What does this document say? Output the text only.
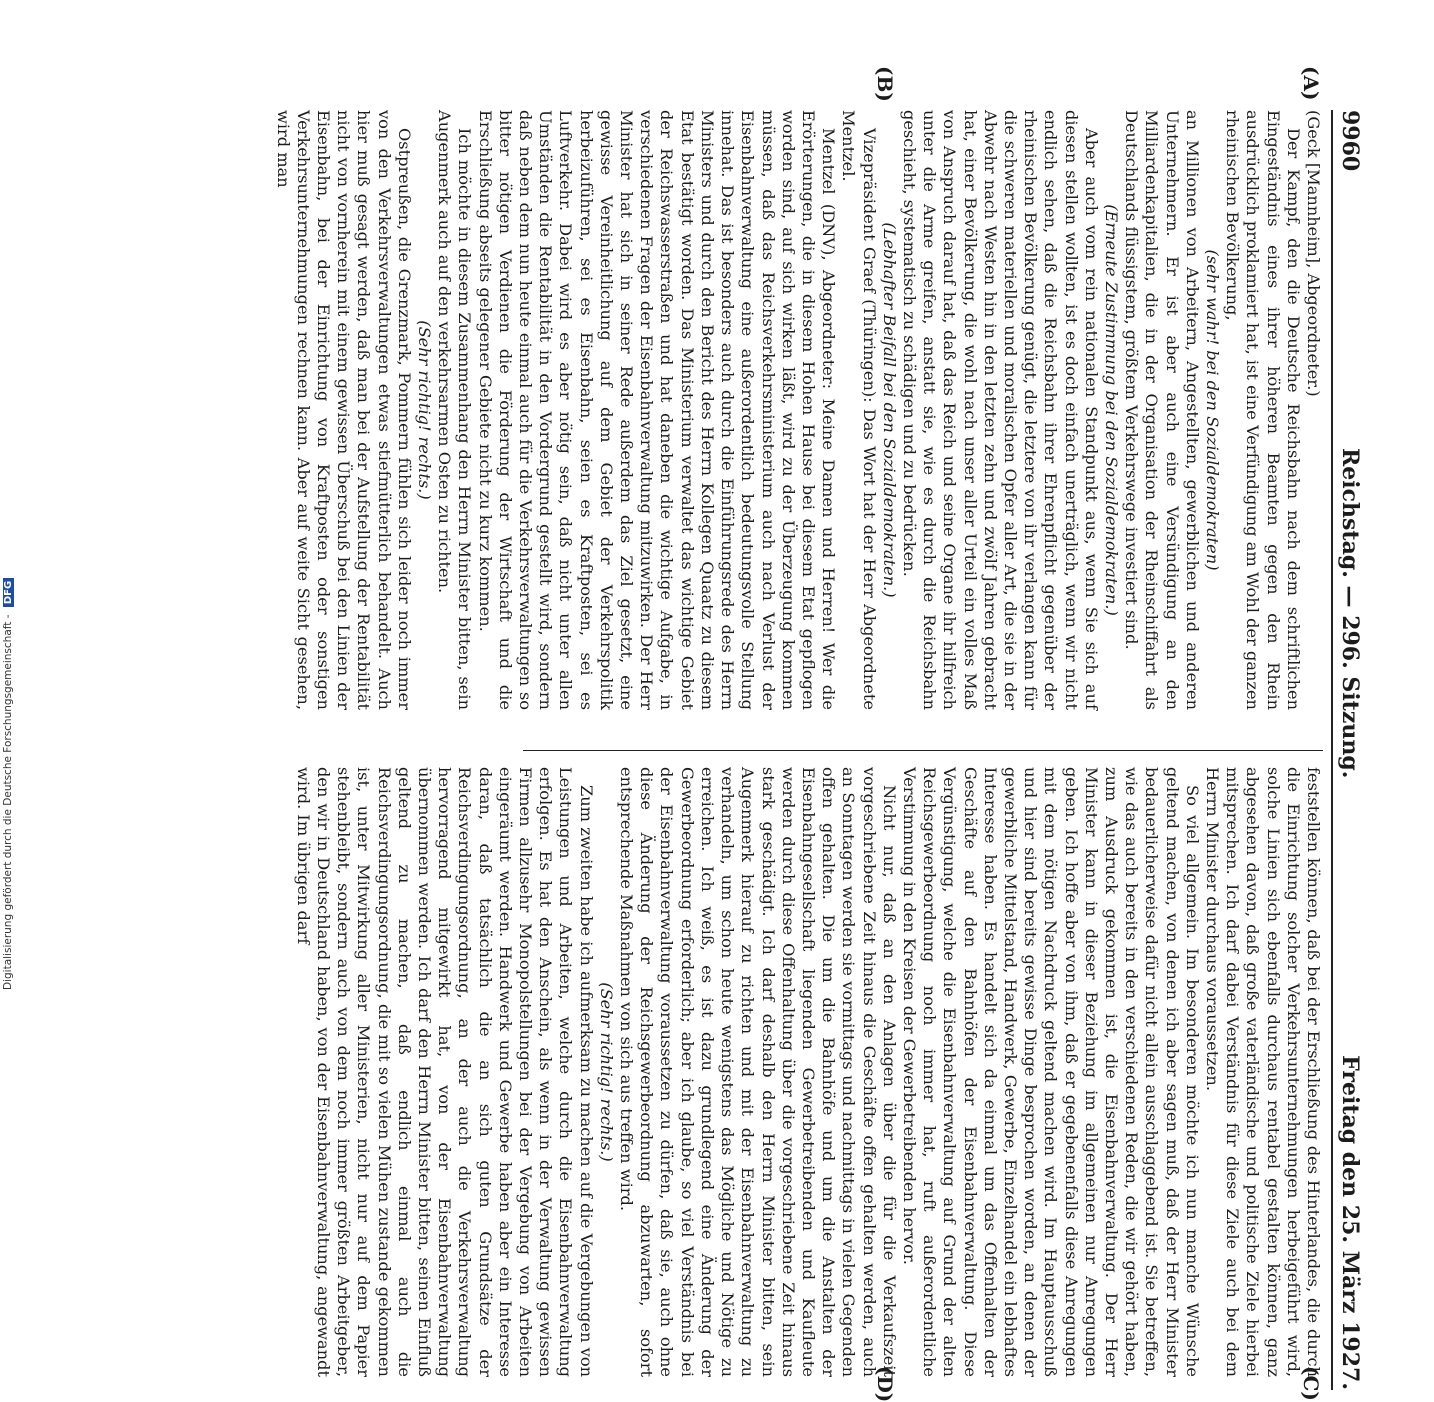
9960
Reichstag. — 296. Sitzung.
Freitag den 25. März 1927.
(A)
(B)
(C)
(D)

(Geck [Mannheim], Abgeordneter.)

Der Kampf, den die Deutsche Reichsbahn nach dem schriftlichen Eingeständnis eines ihrer höheren Beamten gegen den Rhein ausdrücklich proklamiert hat, ist eine Verfündigung am Wohl der ganzen rheinischen Bevölkerung,

(sehr wahr! bei den Sozialdemokraten)

an Millionen von Arbeitern, Angestellten, gewerblichen und anderen Unternehmern. Er ist aber auch eine Versündigung an den Milliardenkapitalien, die in der Organisation der Rheinschiffahrt als Deutschlands flüssigstem, größtem Verkehrswege investiert sind.

(Erneute Zustimmung bei den Sozialdemokraten.)

Aber auch vom rein nationalen Standpunkt aus, wenn Sie sich auf diesen stellen wollten, ist es doch einfach unerträglich, wenn wir nicht endlich sehen, daß die Reichsbahn ihrer Ehrenpflicht gegenüber der rheinischen Bevölkerung genügt, die letztere von ihr verlangen kann für die schweren materiellen und moralischen Opfer aller Art, die sie in der Abwehr nach Westen hin in den letzten zehn und zwölf Jahren gebracht hat, einer Bevölkerung, die wohl nach unser aller Urteil ein volles Maß von Anspruch darauf hat, daß das Reich und seine Organe ihr hilfreich unter die Arme greifen, anstatt sie, wie es durch die Reichsbahn geschieht, systematisch zu schädigen und zu bedrücken.

(Lebhafter Beifall bei den Sozialdemokraten.)

Vizepräsident Graef (Thüringen): Das Wort hat der Herr Abgeordnete Mentzel.

Mentzel (DNV), Abgeordneter: Meine Damen und Herren! Wer die Erörterungen, die in diesem Hohen Hause bei diesem Etat gepflogen worden sind, auf sich wirken läßt, wird zu der Überzeugung kommen müssen, daß das Reichsverkehrsministerium auch nach Verlust der Eisenbahnverwaltung eine außerordentlich bedeutungsvolle Stellung innehat. Das ist besonders auch durch die Einführungsrede des Herrn Ministers und durch den Bericht des Herrn Kollegen Quaatz zu diesem Etat bestätigt worden. Das Ministerium verwaltet das wichtige Gebiet der Reichswasserstraßen und hat daneben die wichtige Aufgabe, in verschiedenen Fragen der Eisenbahnverwaltung mitzuwirken. Der Herr Minister hat sich in seiner Rede außerdem das Ziel gesetzt, eine gewisse Vereinheitlichung auf dem Gebiet der Verkehrspolitik herbeizuführen, sei es Eisenbahn, seien es Kraftposten, sei es Luftverkehr. Dabei wird es aber nötig sein, daß nicht unter allen Umständen die Rentabilität in den Vordergrund gestellt wird, sondern daß neben dem nun heute einmal auch für die Verkehrsverwaltungen so bitter nötigen Verdienen die Förderung der Wirtschaft und die Erschließung abseits gelegener Gebiete nicht zu kurz kommen.

Ich möchte in diesem Zusammenhang den Herrn Minister bitten, sein Augenmerk auch auf den verkehrsarmen Osten zu richten.

(Sehr richtig! rechts.)

Ostpreußen, die Grenzmark, Pommern fühlen sich leider noch immer von den Verkehrsverwaltungen etwas stiefmütterlich behandelt. Auch hier muß gesagt werden, daß man bei der Aufstellung der Rentabilität nicht von vornherein mit einem gewissen Überschuß bei den Linien der Eisenbahn, bei der Einrichtung von Kraftposten oder sonstigen Verkehrsunternehmungen rechnen kann. Aber auf weite Sicht gesehen, wird man

feststellen können, daß bei der Erschließung des Hinterlandes, die durch die Einrichtung solcher Verkehrsunternehmungen herbeigeführt wird, solche Linien sich ebenfalls durchaus rentabel gestalten können, ganz abgesehen davon, daß große vaterländische und politische Ziele hierbei mitsprechen. Ich darf dabei Verständnis für diese Ziele auch bei dem Herrn Minister durchaus voraussetzen.

So viel allgemein. Im besonderen möchte ich nun manche Wünsche geltend machen, von denen ich aber sagen muß, daß der Herr Minister bedauerlicherweise dafür nicht allein ausschlaggebend ist. Sie betreffen, wie das auch bereits in den verschiedenen Reden, die wir gehört haben, zum Ausdruck gekommen ist, die Eisenbahnverwaltung. Der Herr Minister kann in dieser Beziehung im allgemeinen nur Anregungen geben. Ich hoffe aber von ihm, daß er gegebenenfalls diese Anregungen mit dem nötigen Nachdruck geltend machen wird. Im Hauptausschuß und hier sind bereits gewisse Dinge besprochen worden, an denen der gewerbliche Mittelstand, Handwerk, Gewerbe, Einzelhandel ein lebhaftes Interesse haben. Es handelt sich da einmal um das Offenhalten der Geschäfte auf den Bahnhöfen der Eisenbahnverwaltung. Diese Vergünstigung, welche die Eisenbahnverwaltung auf Grund der alten Reichsgewerbeordnung noch immer hat, ruft außerordentliche Verstimmung in den Kreisen der Gewerbetreibenden hervor.

Nicht nur, daß an den Anlagen über die für die Verkaufszeit vorgeschriebene Zeit hinaus die Geschäfte offen gehalten werden, auch an Sonntagen werden sie vormittags und nachmittags in vielen Gegenden offen gehalten. Die um die Bahnhöfe und um die Anstalten der Eisenbahngesellschaft liegenden Gewerbetreibenden und Kaufleute werden durch diese Offenhaltung über die vorgeschriebene Zeit hinaus stark geschädigt. Ich darf deshalb den Herrn Minister bitten, sein Augenmerk hierauf zu richten und mit der Eisenbahnverwaltung zu verhandeln, um schon heute wenigstens das Mögliche und Nötige zu erreichen. Ich weiß, es ist dazu grundlegend eine Änderung der Gewerbeordnung erforderlich; aber ich glaube, so viel Verständnis bei der Eisenbahnverwaltung voraussetzen zu dürfen, daß sie, auch ohne diese Änderung der Reichsgewerbeordnung abzuwarten, sofort entsprechende Maßnahmen von sich aus treffen wird.

(Sehr richtig! rechts.)

Zum zweiten habe ich aufmerksam zu machen auf die Vergebungen von Leistungen und Arbeiten, welche durch die Eisenbahnverwaltung erfolgen. Es hat den Anschein, als wenn in der Verwaltung gewissen Firmen allzusehr Monopolstellungen bei der Vergebung von Arbeiten eingeräumt werden. Handwerk und Gewerbe haben aber ein Interesse daran, daß tatsächlich die an sich guten Grundsätze der Reichsverdingungsordnung, an der auch die Verkehrsverwaltung hervorragend mitgewirkt hat, von der Eisenbahnverwaltung übernommen werden. Ich darf den Herrn Minister bitten, seinen Einfluß geltend zu machen, daß endlich einmal auch die Reichsverdingungsordnung, die mit so vielen Mühen zustande gekommen ist, unter Mitwirkung aller Ministerien, nicht nur auf dem Papier stehenbleibt, sondern auch von dem noch immer größten Arbeitgeber, den wir in Deutschland haben, von der Eisenbahnverwaltung, angewandt wird. Im übrigen darf

Digitalisierung gefördert durch die Deutsche Forschungsgemeinschaft - DFG
